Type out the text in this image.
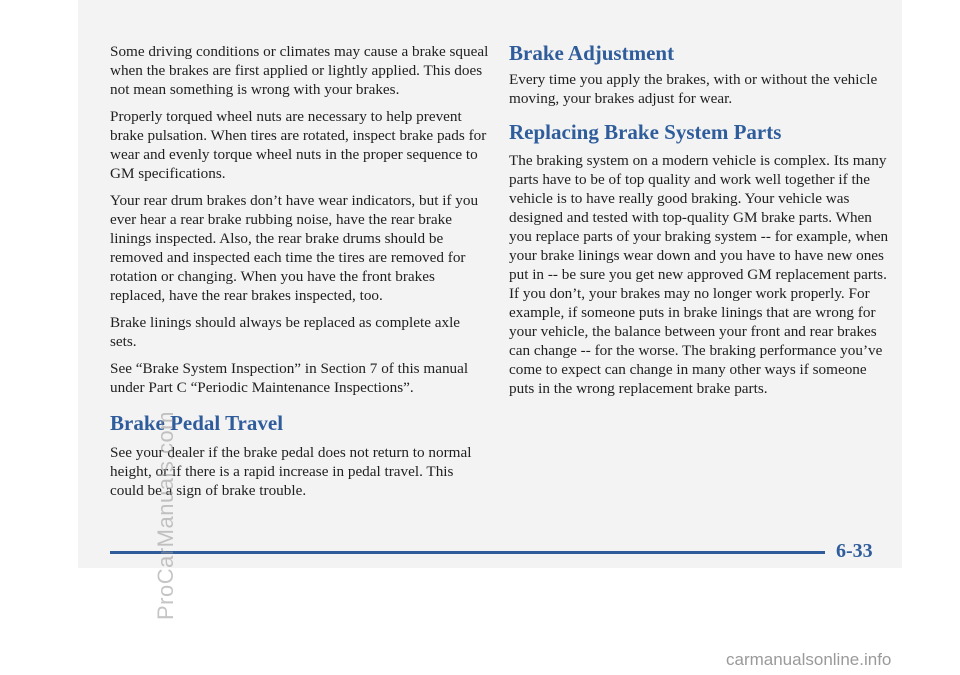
Some driving conditions or climates may cause a brake squeal when the brakes are first applied or lightly applied. This does not mean something is wrong with your brakes.

Properly torqued wheel nuts are necessary to help prevent brake pulsation. When tires are rotated, inspect brake pads for wear and evenly torque wheel nuts in the proper sequence to GM specifications.

Your rear drum brakes don’t have wear indicators, but if you ever hear a rear brake rubbing noise, have the rear brake linings inspected. Also, the rear brake drums should be removed and inspected each time the tires are removed for rotation or changing. When you have the front brakes replaced, have the rear brakes inspected, too.

Brake linings should always be replaced as complete axle sets.

See “Brake System Inspection” in Section 7 of this manual under Part C “Periodic Maintenance Inspections”.

Brake Pedal Travel

See your dealer if the brake pedal does not return to normal height, or if there is a rapid increase in pedal travel. This could be a sign of brake trouble.

Brake Adjustment

Every time you apply the brakes, with or without the vehicle moving, your brakes adjust for wear.

Replacing Brake System Parts

The braking system on a modern vehicle is complex. Its many parts have to be of top quality and work well together if the vehicle is to have really good braking. Your vehicle was designed and tested with top-quality GM brake parts. When you replace parts of your braking system -- for example, when your brake linings wear down and you have to have new ones put in -- be sure you get new approved GM replacement parts. If you don’t, your brakes may no longer work properly. For example, if someone puts in brake linings that are wrong for your vehicle, the balance between your front and rear brakes can change -- for the worse. The braking performance you’ve come to expect can change in many other ways if someone puts in the wrong replacement brake parts.

6-33
ProCarManuals.com
carmanualsonline.info
